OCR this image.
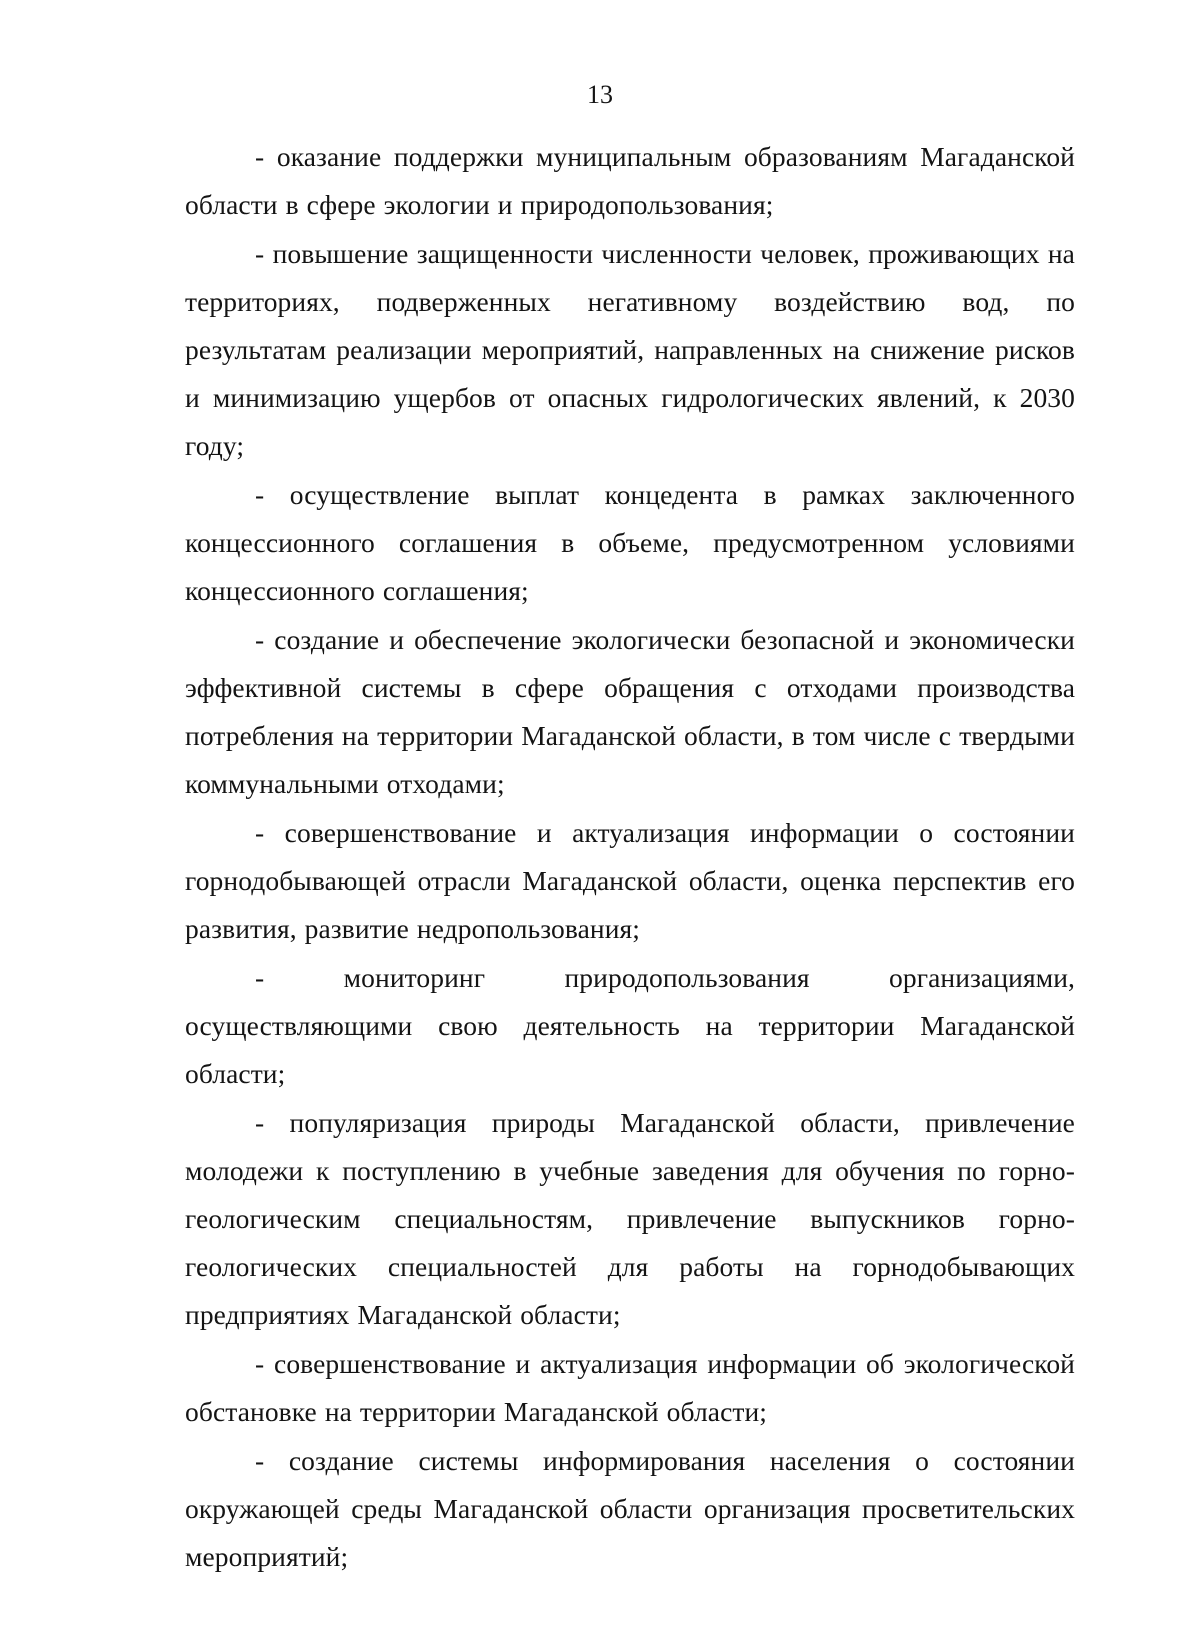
13

- оказание поддержки муниципальным образованиям Магаданской области в сфере экологии и природопользования;

- повышение защищенности численности человек, проживающих на территориях, подверженных негативному воздействию вод, по результатам реализации мероприятий, направленных на снижение рисков и минимизацию ущербов от опасных гидрологических явлений, к 2030 году;

- осуществление выплат концедента в рамках заключенного концессионного соглашения в объеме, предусмотренном условиями концессионного соглашения;

- создание и обеспечение экологически безопасной и экономически эффективной системы в сфере обращения с отходами производства потребления на территории Магаданской области, в том числе с твердыми коммунальными отходами;

- совершенствование и актуализация информации о состоянии горнодобывающей отрасли Магаданской области, оценка перспектив его развития, развитие недропользования;

- мониторинг природопользования организациями, осуществляющими свою деятельность на территории Магаданской области;

- популяризация природы Магаданской области, привлечение молодежи к поступлению в учебные заведения для обучения по горно-геологическим специальностям, привлечение выпускников горно-геологических специальностей для работы на горнодобывающих предприятиях Магаданской области;

- совершенствование и актуализация информации об экологической обстановке на территории Магаданской области;

- создание системы информирования населения о состоянии окружающей среды Магаданской области организация просветительских мероприятий;
